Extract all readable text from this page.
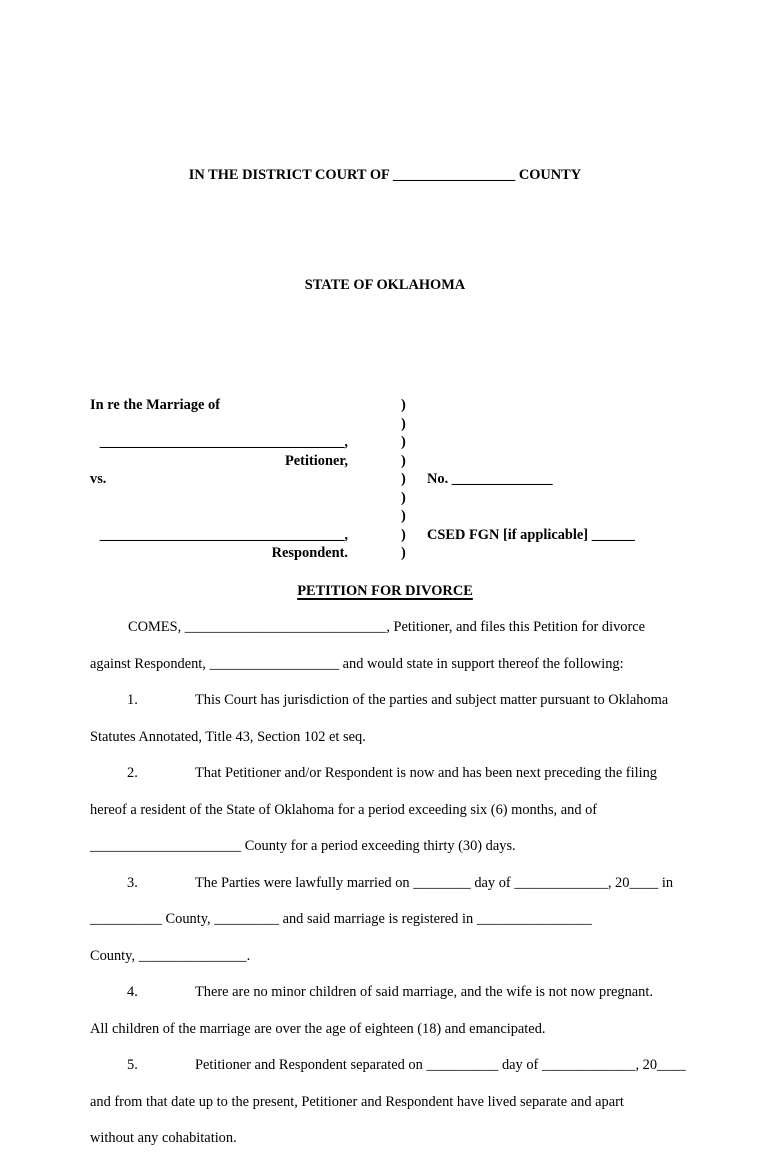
IN THE DISTRICT COURT OF _________________ COUNTY

STATE OF OKLAHOMA

In re the Marriage of	)
)
__________________________________,	)
Petitioner,	)
vs.	)	No. ______________
)
)
__________________________________,	)	CSED FGN [if applicable] ______
Respondent.	)
PETITION FOR DIVORCE
COMES, ____________________________, Petitioner, and files this Petition for divorce
against Respondent, __________________ and would state in support thereof the following:
1.	This Court has jurisdiction of the parties and subject matter pursuant to Oklahoma
Statutes Annotated, Title 43, Section 102 et seq.
2.	That Petitioner and/or Respondent is now and has been next preceding the filing
hereof a resident of the State of Oklahoma for a period exceeding six (6) months, and of
_____________________ County for a period exceeding thirty (30) days.
3.	The Parties were lawfully married on ________ day of _____________, 20____ in
__________ County, _________ and said marriage is registered in ________________
County, _______________.
4.	There are no minor children of said marriage, and the wife is not now pregnant.
All children of the marriage are over the age of eighteen (18) and emancipated.
5.	Petitioner and Respondent separated on __________ day of _____________, 20____
and from that date up to the present, Petitioner and Respondent have lived separate and apart
without any cohabitation.
